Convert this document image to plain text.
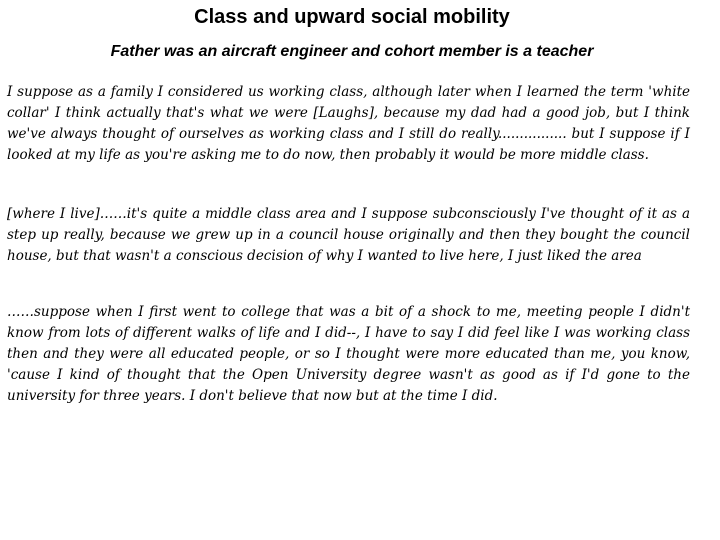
Class and upward social mobility
Father was an aircraft engineer and cohort member is a teacher

I suppose as a family I considered us working class, although later when I learned the term 'white collar' I think actually that's what we were [Laughs], because my dad had a good job, but I think we've always thought of ourselves as working class and I still do really................ but I suppose if I looked at my life as you're asking me to do now, then probably it would be more middle class.

[where I live]……it's quite a middle class area and I suppose subconsciously I've thought of it as a step up really, because we grew up in a council house originally and then they bought the council house, but that wasn't a conscious decision of why I wanted to live here, I just liked the area

……suppose when I first went to college that was a bit of a shock to me, meeting people I didn't know from lots of different walks of life and I did--, I have to say I did feel like I was working class then and they were all educated people, or so I thought were more educated than me, you know, 'cause I kind of thought that the Open University degree wasn't as good as if I'd gone to the university for three years. I don't believe that now but at the time I did.
